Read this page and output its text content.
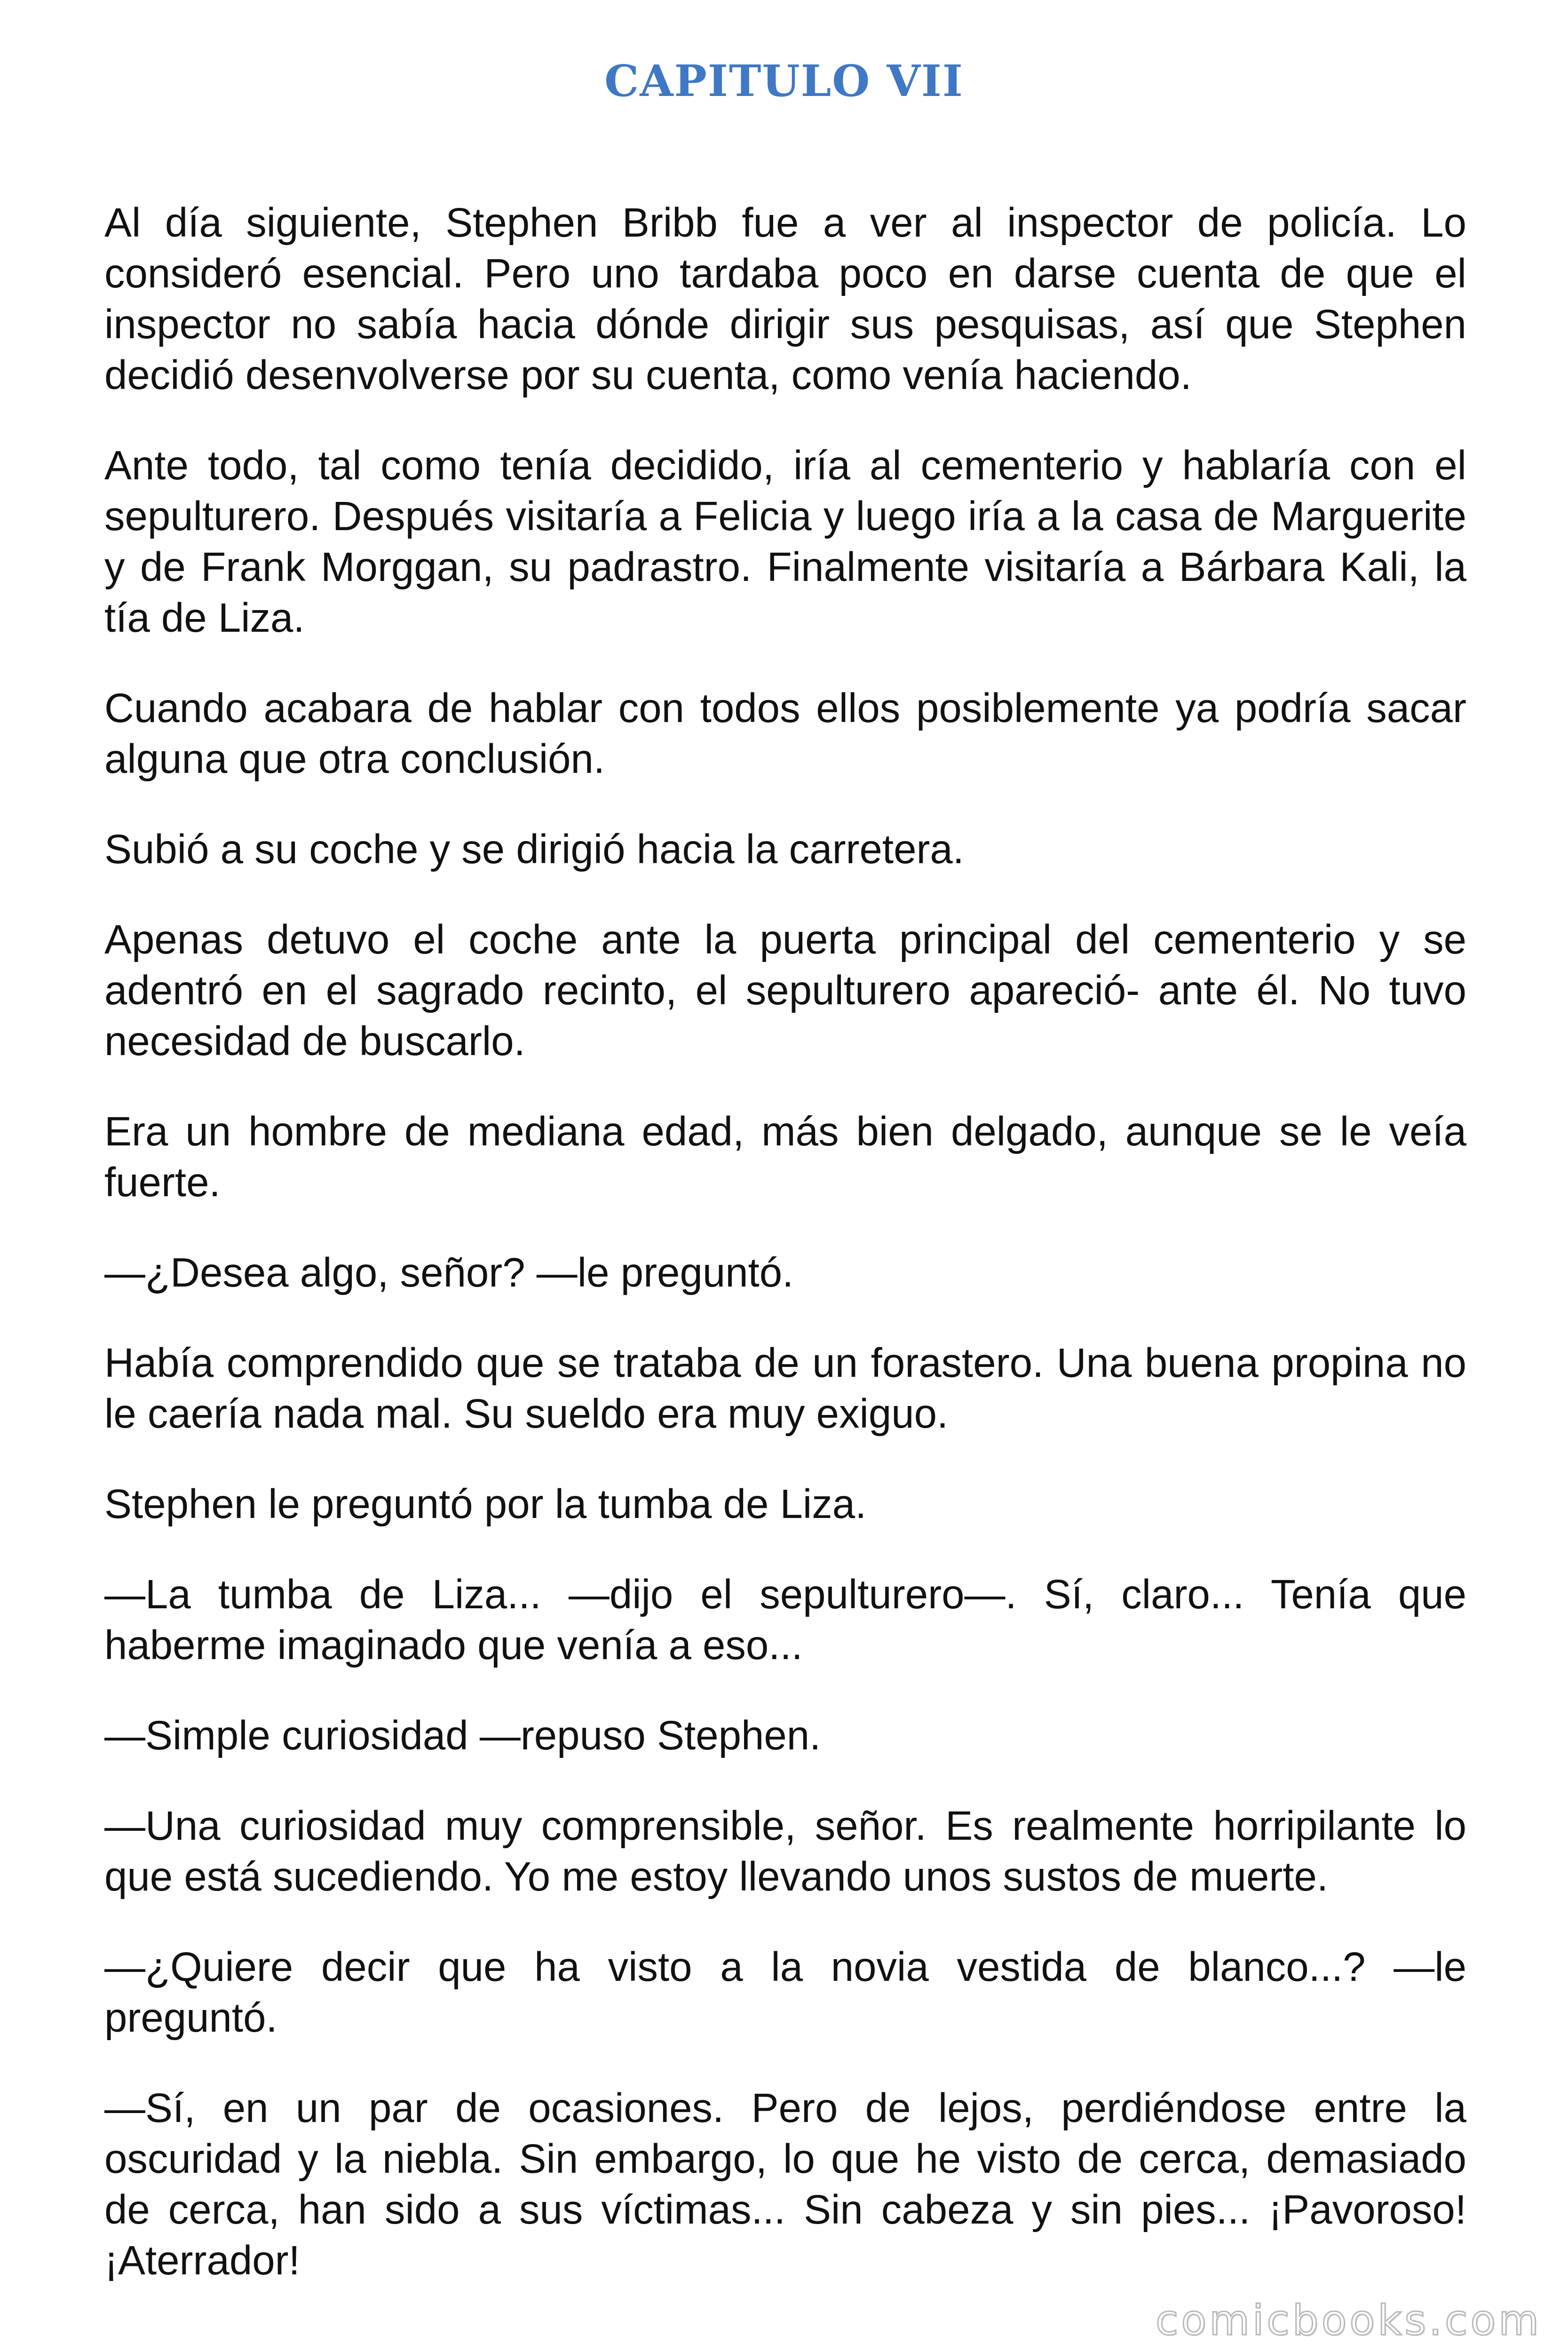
CAPITULO VII

Al día siguiente, Stephen Bribb fue a ver al inspector de policía. Lo consideró esencial. Pero uno tardaba poco en darse cuenta de que el inspector no sabía hacia dónde dirigir sus pesquisas, así que Stephen decidió desenvolverse por su cuenta, como venía haciendo.

Ante todo, tal como tenía decidido, iría al cementerio y hablaría con el sepulturero. Después visitaría a Felicia y luego iría a la casa de Marguerite y de Frank Morggan, su padrastro. Finalmente visitaría a Bárbara Kali, la tía de Liza.

Cuando acabara de hablar con todos ellos posiblemente ya podría sacar alguna que otra conclusión.

Subió a su coche y se dirigió hacia la carretera.

Apenas detuvo el coche ante la puerta principal del cementerio y se adentró en el sagrado recinto, el sepulturero apareció- ante él. No tuvo necesidad de buscarlo.

Era un hombre de mediana edad, más bien delgado, aunque se le veía fuerte.

—¿Desea algo, señor? —le preguntó.

Había comprendido que se trataba de un forastero. Una buena propina no le caería nada mal. Su sueldo era muy exiguo.

Stephen le preguntó por la tumba de Liza.

—La tumba de Liza... —dijo el sepulturero—. Sí, claro... Tenía que haberme imaginado que venía a eso...

—Simple curiosidad —repuso Stephen.

—Una curiosidad muy comprensible, señor. Es realmente horripilante lo que está sucediendo. Yo me estoy llevando unos sustos de muerte.

—¿Quiere decir que ha visto a la novia vestida de blanco...? —le preguntó.

—Sí, en un par de ocasiones. Pero de lejos, perdiéndose entre la oscuridad y la niebla. Sin embargo, lo que he visto de cerca, demasiado de cerca, han sido a sus víctimas... Sin cabeza y sin pies... ¡Pavoroso! ¡Aterrador!

comicbooks.com
